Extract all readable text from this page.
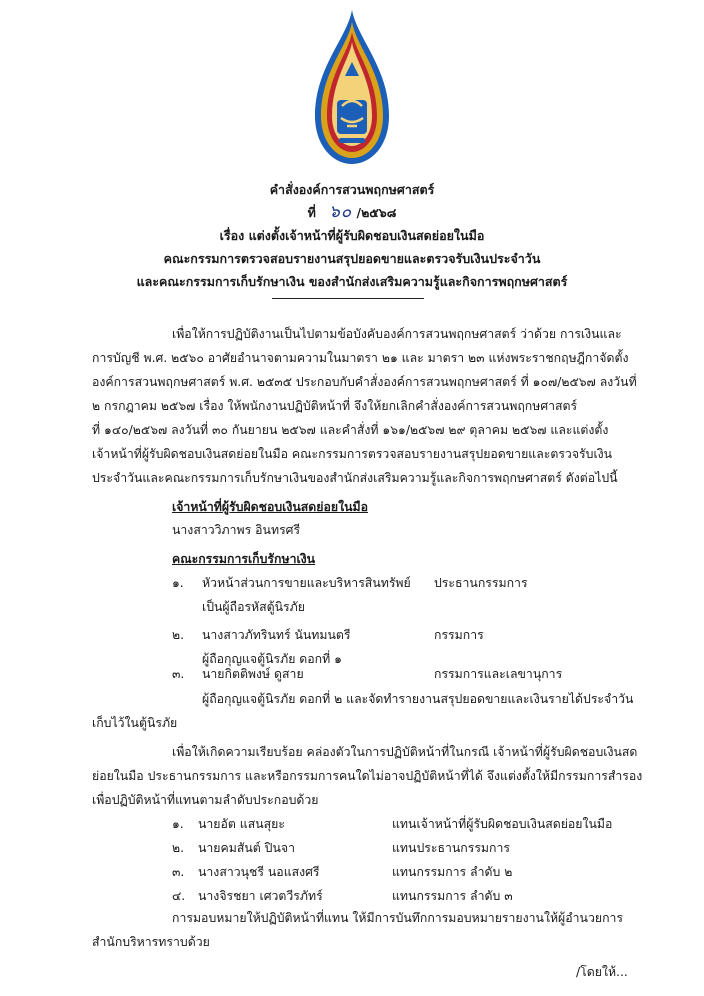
คำสั่งองค์การสวนพฤกษศาสตร์
ที่ ๖๐ /๒๕๖๘
เรื่อง แต่งตั้งเจ้าหน้าที่ผู้รับผิดชอบเงินสดย่อยในมือ
คณะกรรมการตรวจสอบรายงานสรุปยอดขายและตรวจรับเงินประจำวัน
และคณะกรรมการเก็บรักษาเงิน ของสำนักส่งเสริมความรู้และกิจการพฤกษศาสตร์
เพื่อให้การปฏิบัติงานเป็นไปตามข้อบังคับองค์การสวนพฤกษศาสตร์ ว่าด้วย การเงินและ
การบัญชี พ.ศ. ๒๕๖๐ อาศัยอำนาจตามความในมาตรา ๒๑ และ มาตรา ๒๓ แห่งพระราชกฤษฎีกาจัดตั้ง
องค์การสวนพฤกษศาสตร์ พ.ศ. ๒๕๓๕ ประกอบกับคำสั่งองค์การสวนพฤกษศาสตร์ ที่ ๑๐๗/๒๕๖๗ ลงวันที่
๒ กรกฎาคม ๒๕๖๗ เรื่อง ให้พนักงานปฏิบัติหน้าที่ จึงให้ยกเลิกคำสั่งองค์การสวนพฤกษศาสตร์
ที่ ๑๔๐/๒๕๖๗ ลงวันที่ ๓๐ กันยายน ๒๕๖๗ และคำสั่งที่ ๑๖๑/๒๕๖๗ ๒๙ ตุลาคม ๒๕๖๗ และแต่งตั้ง
เจ้าหน้าที่ผู้รับผิดชอบเงินสดย่อยในมือ คณะกรรมการตรวจสอบรายงานสรุปยอดขายและตรวจรับเงิน
ประจำวันและคณะกรรมการเก็บรักษาเงินของสำนักส่งเสริมความรู้และกิจการพฤกษศาสตร์ ดังต่อไปนี้
เจ้าหน้าที่ผู้รับผิดชอบเงินสดย่อยในมือ
นางสาววิภาพร อินทรศรี
คณะกรรมการเก็บรักษาเงิน
๑. หัวหน้าส่วนการขายและบริหารสินทรัพย์ ประธานกรรมการ
เป็นผู้ถือรหัสตู้นิรภัย
๒. นางสาวภัทรินทร์ นันทมนตรี	กรรมการ
ผู้ถือกุญแจตู้นิรภัย ดอกที่ ๑
๓. นายกิตติพงษ์ ดูสาย	กรรมการและเลขานุการ
ผู้ถือกุญแจตู้นิรภัย ดอกที่ ๒ และจัดทำรายงานสรุปยอดขายและเงินรายได้ประจำวัน
เก็บไว้ในตู้นิรภัย
เพื่อให้เกิดความเรียบร้อย คล่องตัวในการปฏิบัติหน้าที่ในกรณี เจ้าหน้าที่ผู้รับผิดชอบเงินสด
ย่อยในมือ ประธานกรรมการ และหรือกรรมการคนใดไม่อาจปฏิบัติหน้าที่ได้ จึงแต่งตั้งให้มีกรรมการสำรอง
เพื่อปฏิบัติหน้าที่แทนตามลำดับประกอบด้วย
๑. นายอัต แสนสุยะ	แทนเจ้าหน้าที่ผู้รับผิดชอบเงินสดย่อยในมือ
๒. นายคมสันต์ ปินจา	แทนประธานกรรมการ
๓. นางสาวนุชรี นอแสงศรี	แทนกรรมการ ลำดับ ๒
๔. นางจิรชยา เศวตวีรภัทร์	แทนกรรมการ ลำดับ ๓
การมอบหมายให้ปฏิบัติหน้าที่แทน ให้มีการบันทึกการมอบหมายรายงานให้ผู้อำนวยการ
สำนักบริหารทราบด้วย
/โดยให้...
